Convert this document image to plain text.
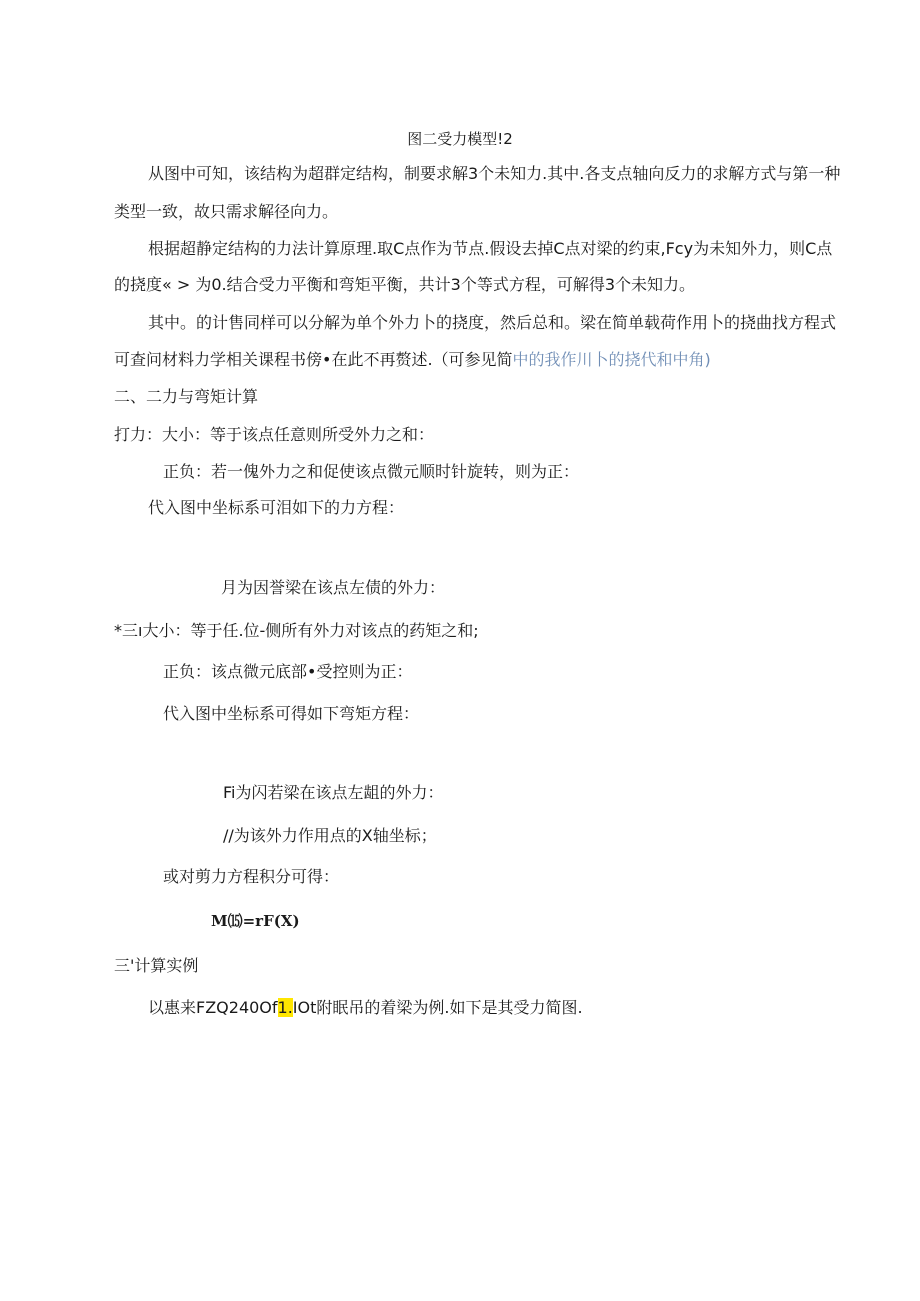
图二受力模型!2
从图中可知，该结构为超群定结构，制要求解3个未知力.其中.各支点轴向反力的求解方式与第一种
类型一致，故只需求解径向力。
根据超静定结构的力法计算原理.取C点作为节点.假设去掉C点对梁的约束,Fcy为未知外力，则C点
的挠度« > 为0.结合受力平衡和弯矩平衡，共计3个等式方程，可解得3个未知力。
其中。的计售同样可以分解为单个外力卜的挠度，然后总和。梁在简单载荷作用卜的挠曲找方程式
可查问材料力学相关课程书傍•在此不再赘述.（可参见简中的我作川卜的挠代和中角)
二、二力与弯矩计算
打力：大小：等于该点任意则所受外力之和：
正负：若一傀外力之和促使该点微元顺时针旋转，则为正：
代入图中坐标系可泪如下的力方程：
月为因誉梁在该点左债的外力：
*三ı大小：等于任.位-侧所有外力对该点的药矩之和;
正负：该点微元底部•受控则为正：
代入图中坐标系可得如下弯矩方程：
Fi为闪若梁在该点左龃的外力：
//为该外力作用点的X轴坐标；
或对剪力方程积分可得：
M⒂=rF(X)
三'计算实例
以惠来FZQ240Of1.IOt附眠吊的着梁为例.如下是其受力简图.
